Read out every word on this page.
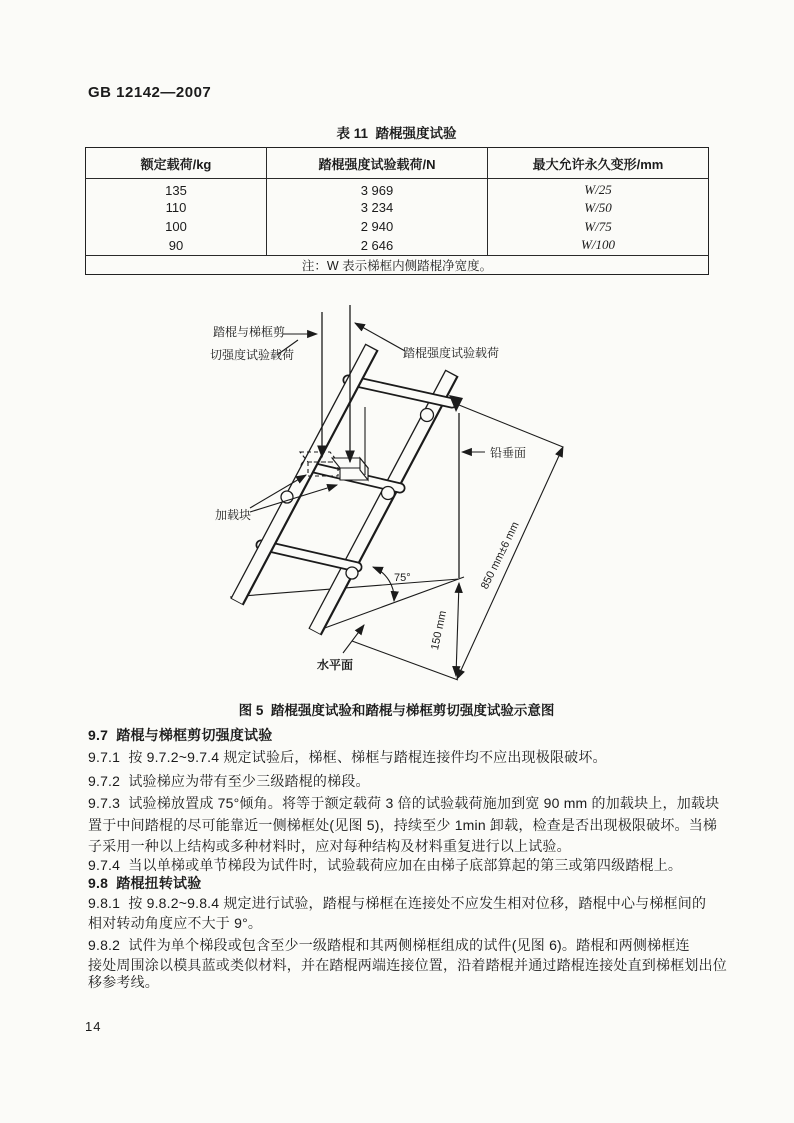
GB 12142—2007
表 11  踏棍强度试验
额定载荷/kg	踏棍强度试验载荷/N	最大允许永久变形/mm
135	3 969	W/25
110	3 234	W/50
100	2 940	W/75
90	2 646	W/100
注：W 表示梯框内侧踏棍净宽度。		
踏棍与梯框剪
切强度试验载荷	踏棍强度试验载荷
加载块
铅垂面
水平面
75°	850 mm±6 mm
150 mm
图 5  踏棍强度试验和踏棍与梯框剪切强度试验示意图
9.7  踏棍与梯框剪切强度试验
9.7.1  按 9.7.2~9.7.4 规定试验后，梯框、梯框与踏棍连接件均不应出现极限破坏。
9.7.2  试验梯应为带有至少三级踏棍的梯段。
9.7.3  试验梯放置成 75°倾角。将等于额定载荷 3 倍的试验载荷施加到宽 90 mm 的加载块上，加载块
置于中间踏棍的尽可能靠近一侧梯框处(见图 5)，持续至少 1min 卸载，检查是否出现极限破坏。当梯
子采用一种以上结构或多种材料时，应对每种结构及材料重复进行以上试验。
9.7.4  当以单梯或单节梯段为试件时，试验载荷应加在由梯子底部算起的第三或第四级踏棍上。
9.8  踏棍扭转试验
9.8.1  按 9.8.2~9.8.4 规定进行试验，踏棍与梯框在连接处不应发生相对位移，踏棍中心与梯框间的
相对转动角度应不大于 9°。
9.8.2  试件为单个梯段或包含至少一级踏棍和其两侧梯框组成的试件(见图 6)。踏棍和两侧梯框连
接处周围涂以模具蓝或类似材料，并在踏棍两端连接位置，沿着踏棍并通过踏棍连接处直到梯框划出位
移参考线。
14
